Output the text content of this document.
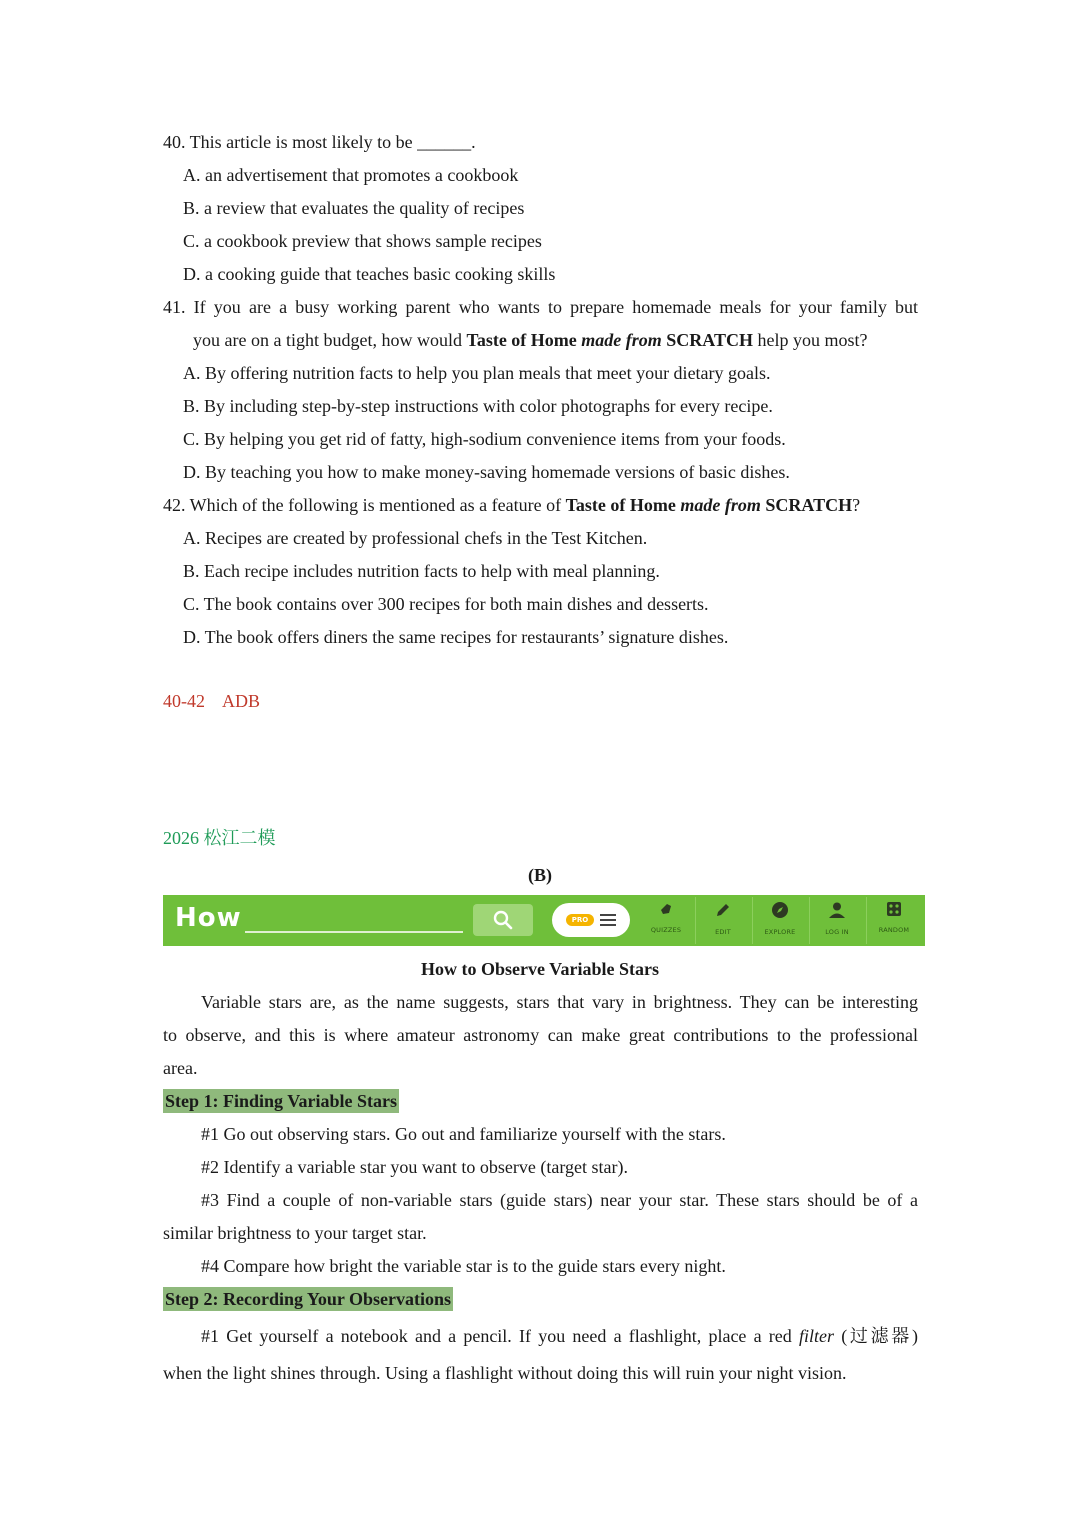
40. This article is most likely to be ______.
A. an advertisement that promotes a cookbook
B. a review that evaluates the quality of recipes
C. a cookbook preview that shows sample recipes
D. a cooking guide that teaches basic cooking skills
41. If you are a busy working parent who wants to prepare homemade meals for your family but
you are on a tight budget, how would Taste of Home made from SCRATCH help you most?
A. By offering nutrition facts to help you plan meals that meet your dietary goals.
B. By including step-by-step instructions with color photographs for every recipe.
C. By helping you get rid of fatty, high-sodium convenience items from your foods.
D. By teaching you how to make money-saving homemade versions of basic dishes.
42. Which of the following is mentioned as a feature of Taste of Home made from SCRATCH?
A. Recipes are created by professional chefs in the Test Kitchen.
B. Each recipe includes nutrition facts to help with meal planning.
C. The book contains over 300 recipes for both main dishes and desserts.
D. The book offers diners the same recipes for restaurants’ signature dishes.
40-42    ADB
2026 松江二模
(B)
How	PRO
QUIZZES	EDIT	EXPLORE	LOG IN	RANDOM
How to Observe Variable Stars
Variable stars are, as the name suggests, stars that vary in brightness. They can be interesting
to observe, and this is where amateur astronomy can make great contributions to the professional
area.
Step 1: Finding Variable Stars
#1 Go out observing stars. Go out and familiarize yourself with the stars.
#2 Identify a variable star you want to observe (target star).
#3 Find a couple of non-variable stars (guide stars) near your star. These stars should be of a
similar brightness to your target star.
#4 Compare how bright the variable star is to the guide stars every night.
Step 2: Recording Your Observations
#1 Get yourself a notebook and a pencil. If you need a flashlight, place a red filter (过滤器)
when the light shines through. Using a flashlight without doing this will ruin your night vision.
